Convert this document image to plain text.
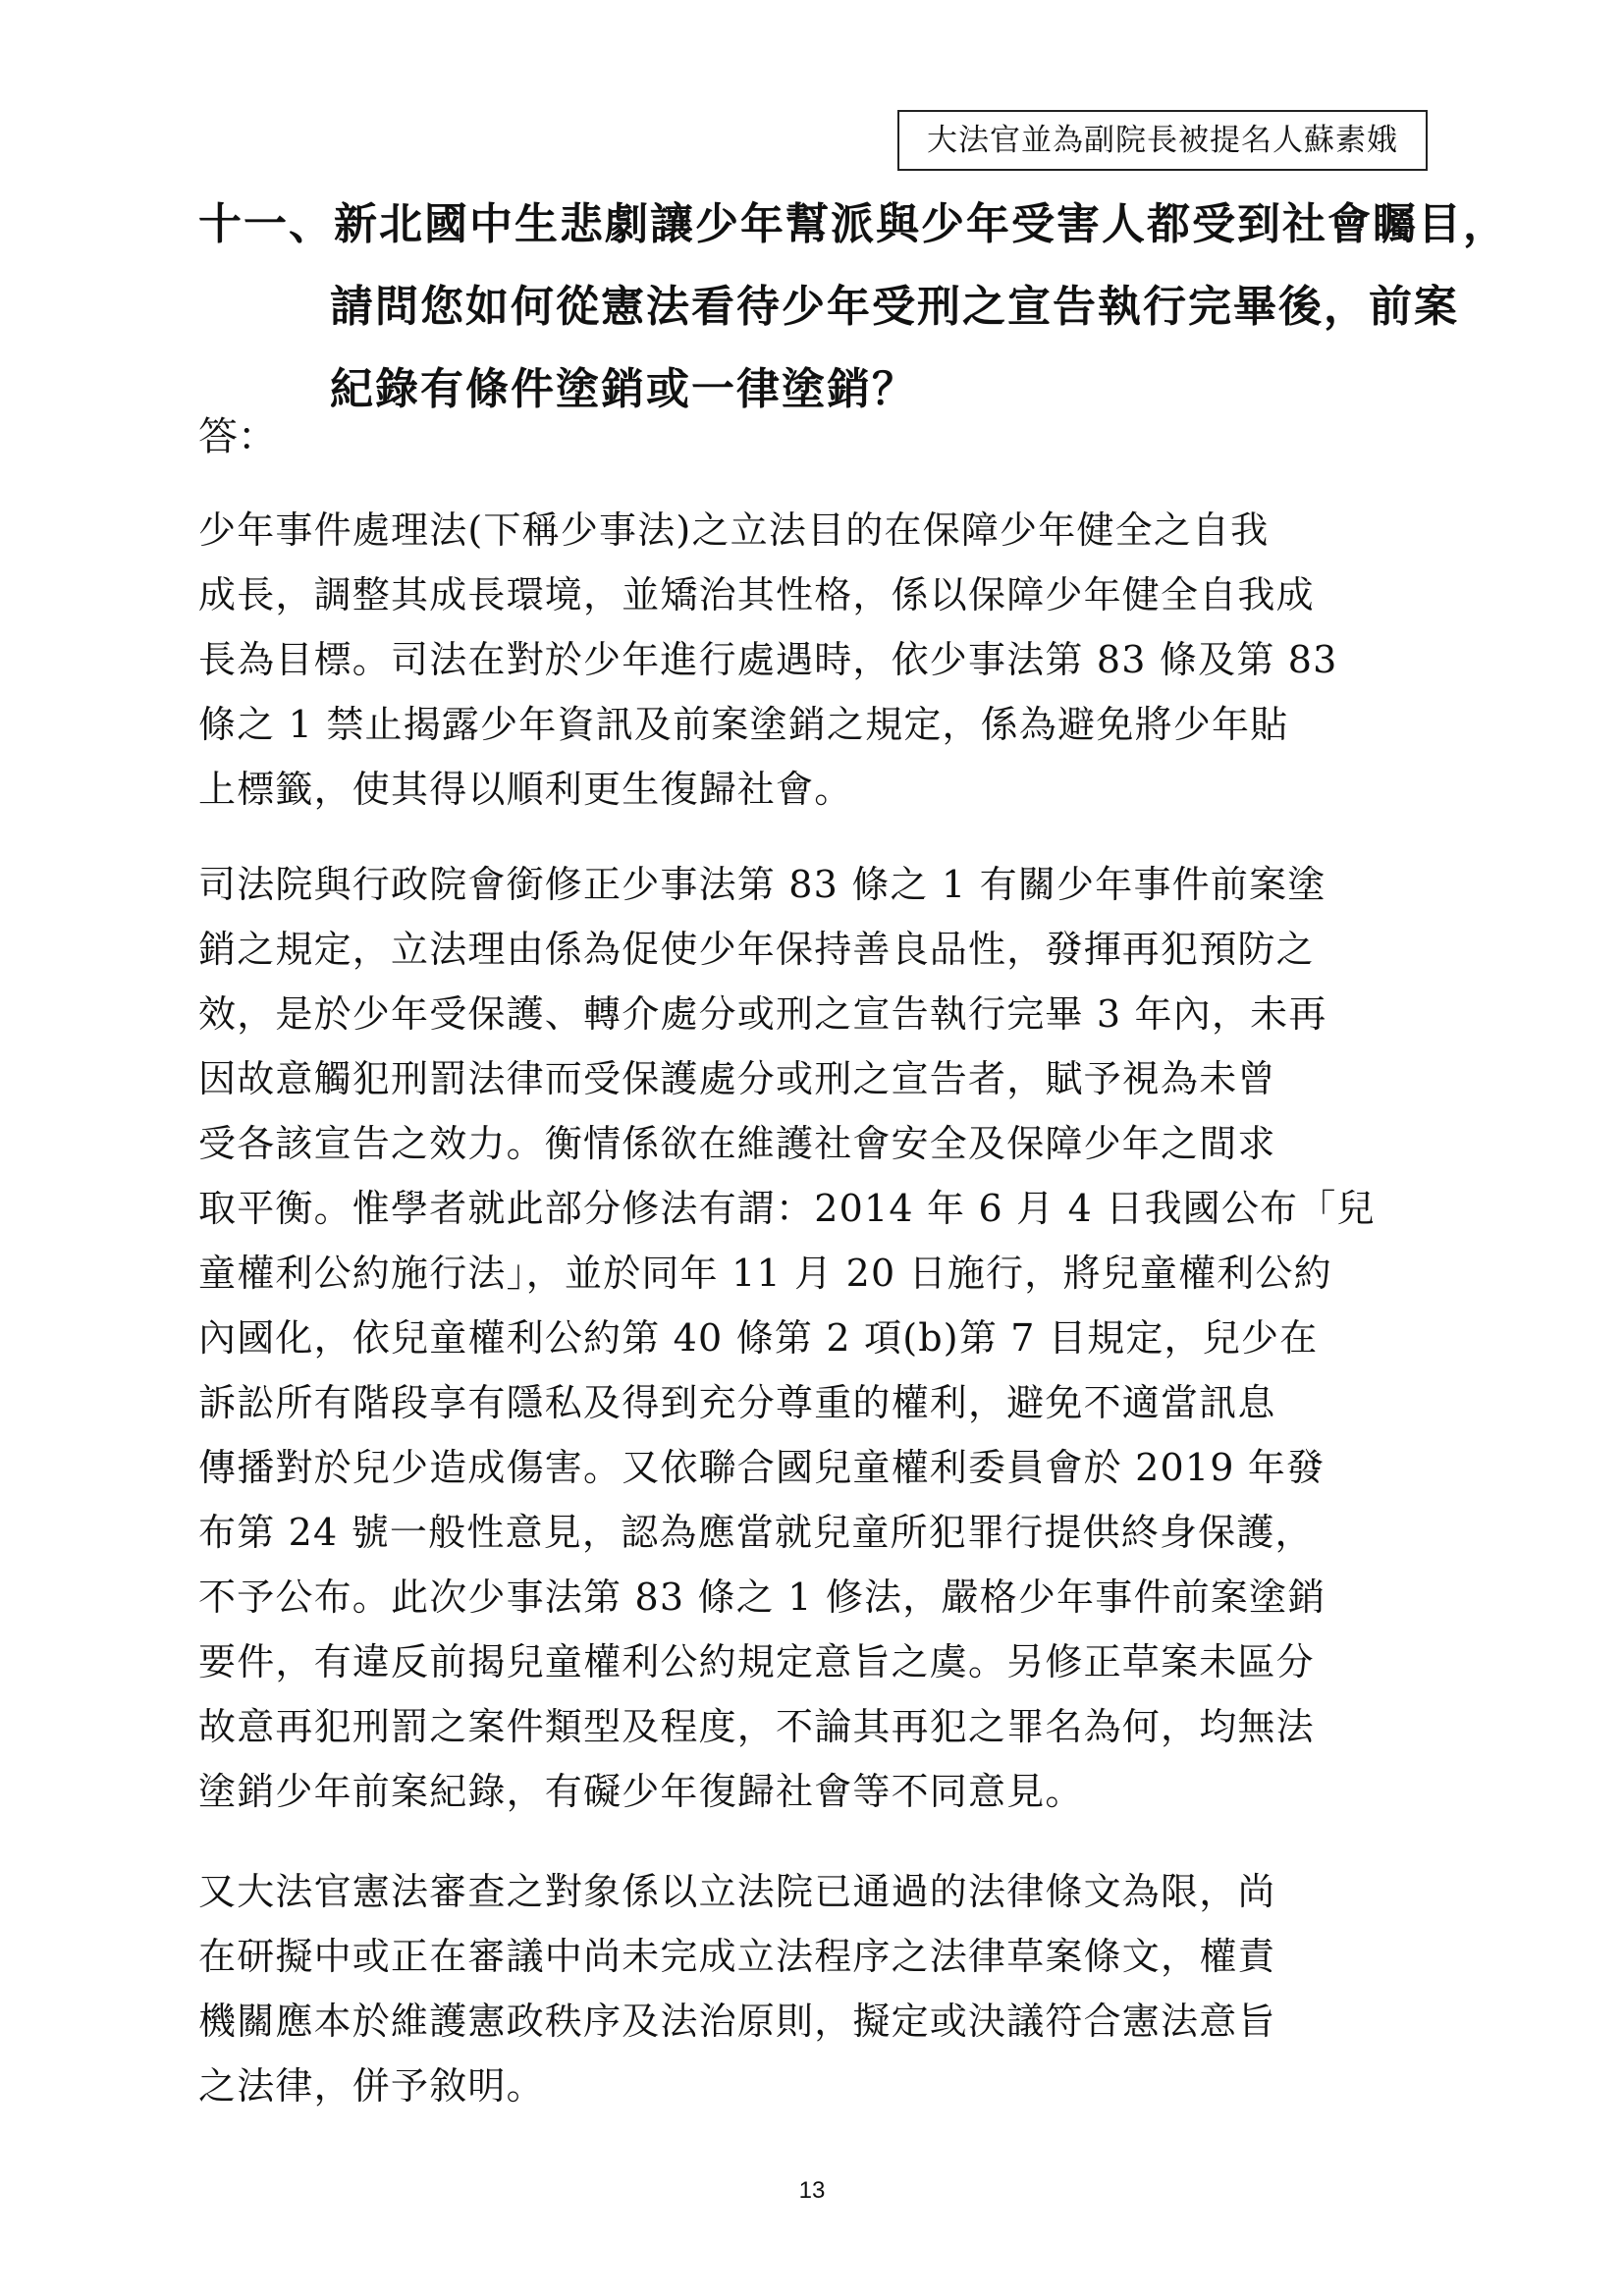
大法官並為副院長被提名人蘇素娥
十一、新北國中生悲劇讓少年幫派與少年受害人都受到社會矚目，
請問您如何從憲法看待少年受刑之宣告執行完畢後，前案
紀錄有條件塗銷或一律塗銷？
答：
少年事件處理法(下稱少事法)之立法目的在保障少年健全之自我
成長，調整其成長環境，並矯治其性格，係以保障少年健全自我成
長為目標。司法在對於少年進行處遇時，依少事法第 83 條及第 83
條之 1 禁止揭露少年資訊及前案塗銷之規定，係為避免將少年貼
上標籤，使其得以順利更生復歸社會。
司法院與行政院會銜修正少事法第 83 條之 1 有關少年事件前案塗
銷之規定，立法理由係為促使少年保持善良品性，發揮再犯預防之
效，是於少年受保護、轉介處分或刑之宣告執行完畢 3 年內，未再
因故意觸犯刑罰法律而受保護處分或刑之宣告者，賦予視為未曾
受各該宣告之效力。衡情係欲在維護社會安全及保障少年之間求
取平衡。惟學者就此部分修法有謂：2014 年 6 月 4 日我國公布「兒
童權利公約施行法」，並於同年 11 月 20 日施行，將兒童權利公約
內國化，依兒童權利公約第 40 條第 2 項(b)第 7 目規定，兒少在
訴訟所有階段享有隱私及得到充分尊重的權利，避免不適當訊息
傳播對於兒少造成傷害。又依聯合國兒童權利委員會於 2019 年發
布第 24 號一般性意見，認為應當就兒童所犯罪行提供終身保護，
不予公布。此次少事法第 83 條之 1 修法，嚴格少年事件前案塗銷
要件，有違反前揭兒童權利公約規定意旨之虞。另修正草案未區分
故意再犯刑罰之案件類型及程度，不論其再犯之罪名為何，均無法
塗銷少年前案紀錄，有礙少年復歸社會等不同意見。
又大法官憲法審查之對象係以立法院已通過的法律條文為限，尚
在研擬中或正在審議中尚未完成立法程序之法律草案條文，權責
機關應本於維護憲政秩序及法治原則，擬定或決議符合憲法意旨
之法律，併予敘明。
13
